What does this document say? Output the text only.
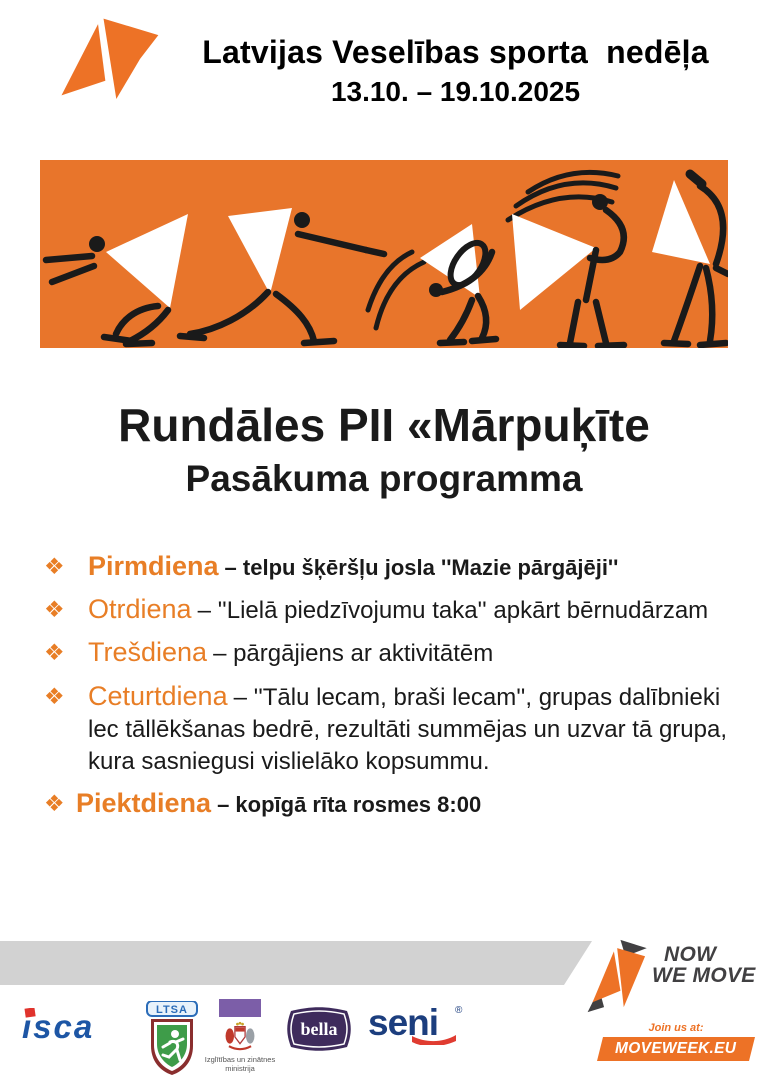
Latvijas Veselības sporta  nedēļa
13.10. – 19.10.2025
Rundāles PII «Mārpuķīte
Pasākuma programma
❖ Pirmdiena – telpu šķēršļu josla ''Mazie pārgājēji''
❖ Otrdiena – ''Lielā piedzīvojumu taka'' apkārt bērnudārzam
❖ Trešdiena – pārgājiens ar aktivitātēm
❖ Ceturtdiena – ''Tālu lecam, braši lecam'', grupas dalībnieki lec tāllēkšanas bedrē, rezultāti summējas un uzvar tā grupa, kura sasniegusi vislielāko kopsummu.
❖ Piektdiena – kopīgā rīta rosmes 8:00
NOW
WE MOVE
Join us at:
MOVEWEEK.EU
ısca	LTSA
Izglītības un zinātnes
ministrija
bella seni ®
